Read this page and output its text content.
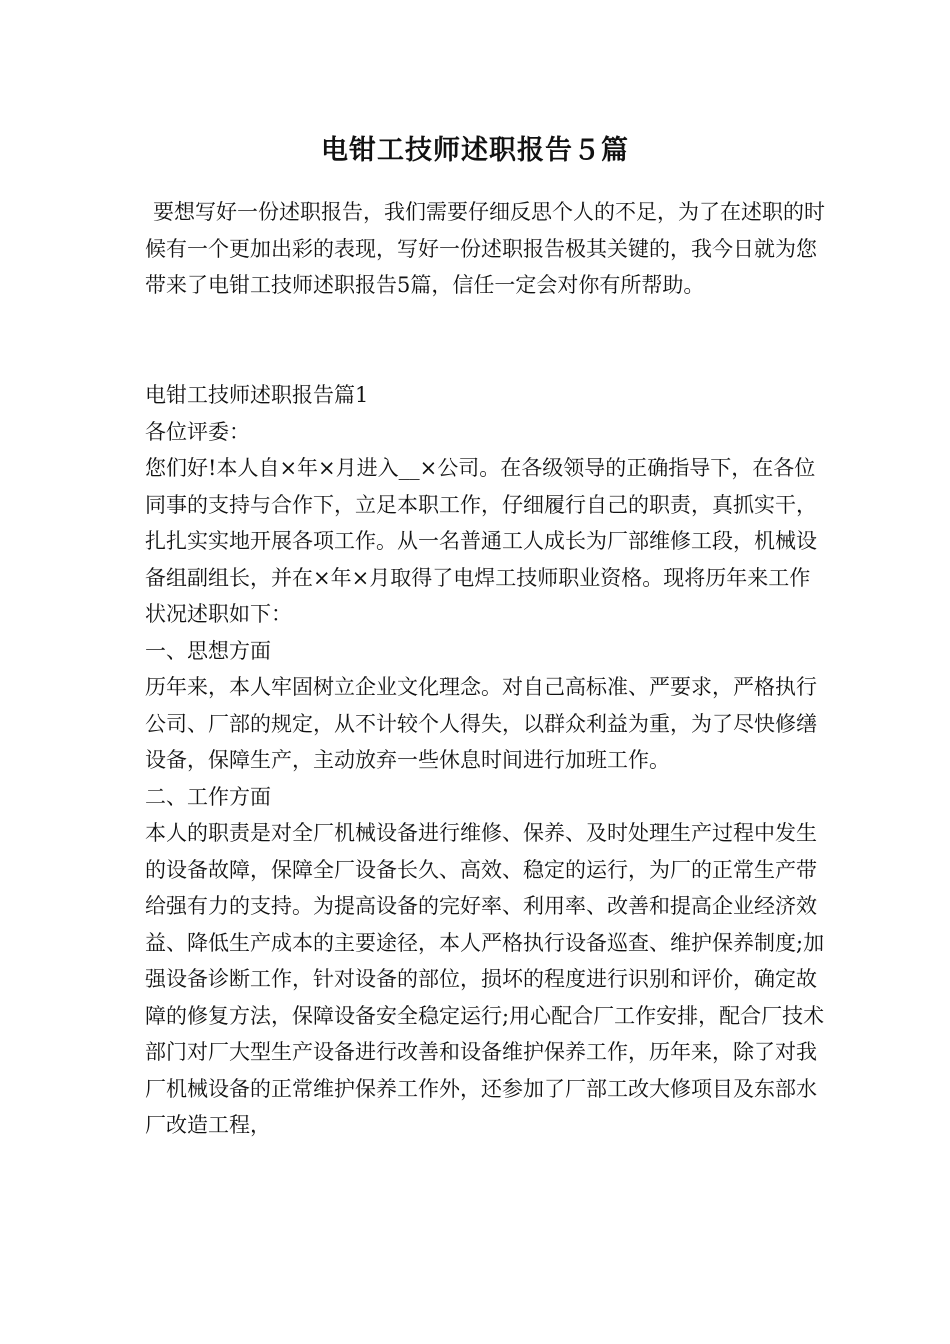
电钳工技师述职报告５篇

要想写好一份述职报告，我们需要仔细反思个人的不足，为了在述职的时候有一个更加出彩的表现，写好一份述职报告极其关键的，我今日就为您带来了电钳工技师述职报告5篇，信任一定会对你有所帮助。

电钳工技师述职报告篇1

各位评委：

您们好!本人自×年×月进入__×公司。在各级领导的正确指导下，在各位同事的支持与合作下，立足本职工作，仔细履行自己的职责，真抓实干，扎扎实实地开展各项工作。从一名普通工人成长为厂部维修工段，机械设备组副组长，并在×年×月取得了电焊工技师职业资格。现将历年来工作状况述职如下：

一、思想方面

历年来，本人牢固树立企业文化理念。对自己高标准、严要求，严格执行公司、厂部的规定，从不计较个人得失，以群众利益为重，为了尽快修缮设备，保障生产，主动放弃一些休息时间进行加班工作。

二、工作方面

本人的职责是对全厂机械设备进行维修、保养、及时处理生产过程中发生的设备故障，保障全厂设备长久、高效、稳定的运行，为厂的正常生产带给强有力的支持。为提高设备的完好率、利用率、改善和提高企业经济效益、降低生产成本的主要途径，本人严格执行设备巡查、维护保养制度;加强设备诊断工作，针对设备的部位，损坏的程度进行识别和评价，确定故障的修复方法，保障设备安全稳定运行;用心配合厂工作安排，配合厂技术部门对厂大型生产设备进行改善和设备维护保养工作，历年来，除了对我厂机械设备的正常维护保养工作外，还参加了厂部工改大修项目及东部水厂改造工程，
